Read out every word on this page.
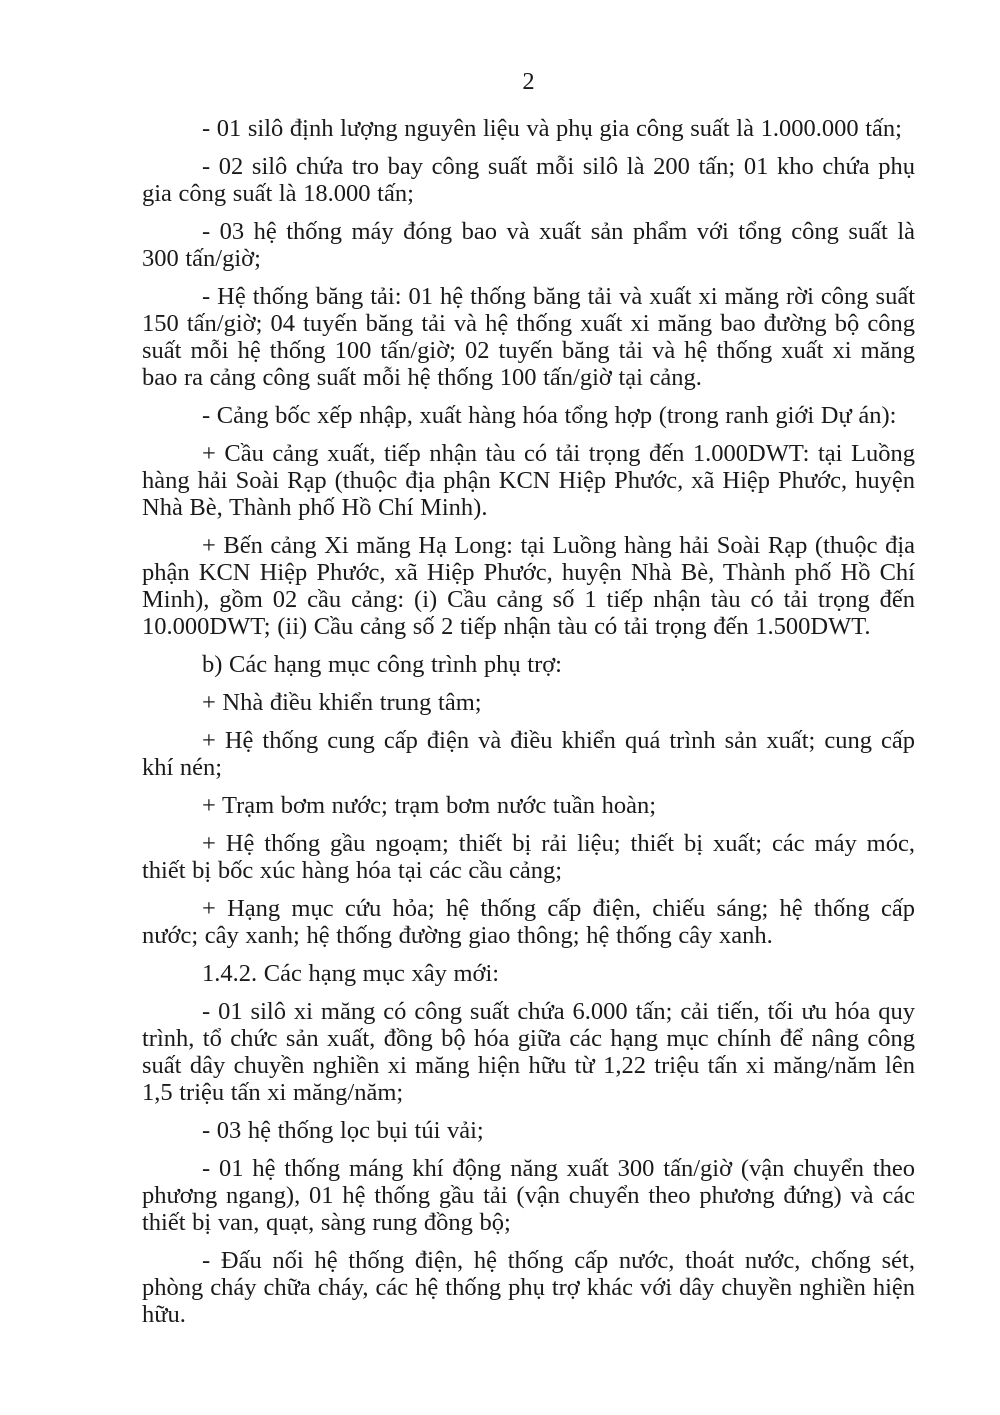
2

- 01 silô định lượng nguyên liệu và phụ gia công suất là 1.000.000 tấn;

- 02 silô chứa tro bay công suất mỗi silô là 200 tấn; 01 kho chứa phụ gia công suất là 18.000 tấn;

- 03 hệ thống máy đóng bao và xuất sản phẩm với tổng công suất là 300 tấn/giờ;

- Hệ thống băng tải: 01 hệ thống băng tải và xuất xi măng rời công suất 150 tấn/giờ; 04 tuyến băng tải và hệ thống xuất xi măng bao đường bộ công suất mỗi hệ thống 100 tấn/giờ; 02 tuyến băng tải và hệ thống xuất xi măng bao ra cảng công suất mỗi hệ thống 100 tấn/giờ tại cảng.

- Cảng bốc xếp nhập, xuất hàng hóa tổng hợp (trong ranh giới Dự án):

+ Cầu cảng xuất, tiếp nhận tàu có tải trọng đến 1.000DWT: tại Luồng hàng hải Soài Rạp (thuộc địa phận KCN Hiệp Phước, xã Hiệp Phước, huyện Nhà Bè, Thành phố Hồ Chí Minh).

+ Bến cảng Xi măng Hạ Long: tại Luồng hàng hải Soài Rạp (thuộc địa phận KCN Hiệp Phước, xã Hiệp Phước, huyện Nhà Bè, Thành phố Hồ Chí Minh), gồm 02 cầu cảng: (i) Cầu cảng số 1 tiếp nhận tàu có tải trọng đến 10.000DWT; (ii) Cầu cảng số 2 tiếp nhận tàu có tải trọng đến 1.500DWT.

b) Các hạng mục công trình phụ trợ:

+ Nhà điều khiển trung tâm;

+ Hệ thống cung cấp điện và điều khiển quá trình sản xuất; cung cấp khí nén;

+ Trạm bơm nước; trạm bơm nước tuần hoàn;

+ Hệ thống gầu ngoạm; thiết bị rải liệu; thiết bị xuất; các máy móc, thiết bị bốc xúc hàng hóa tại các cầu cảng;

+ Hạng mục cứu hỏa; hệ thống cấp điện, chiếu sáng; hệ thống cấp nước; cây xanh; hệ thống đường giao thông; hệ thống cây xanh.

1.4.2. Các hạng mục xây mới:

- 01 silô xi măng có công suất chứa 6.000 tấn; cải tiến, tối ưu hóa quy trình, tổ chức sản xuất, đồng bộ hóa giữa các hạng mục chính để nâng công suất dây chuyền nghiền xi măng hiện hữu từ 1,22 triệu tấn xi măng/năm lên 1,5 triệu tấn xi măng/năm;

- 03 hệ thống lọc bụi túi vải;

- 01 hệ thống máng khí động năng xuất 300 tấn/giờ (vận chuyển theo phương ngang), 01 hệ thống gầu tải (vận chuyển theo phương đứng) và các thiết bị van, quạt, sàng rung đồng bộ;

- Đấu nối hệ thống điện, hệ thống cấp nước, thoát nước, chống sét, phòng cháy chữa cháy, các hệ thống phụ trợ khác với dây chuyền nghiền hiện hữu.
